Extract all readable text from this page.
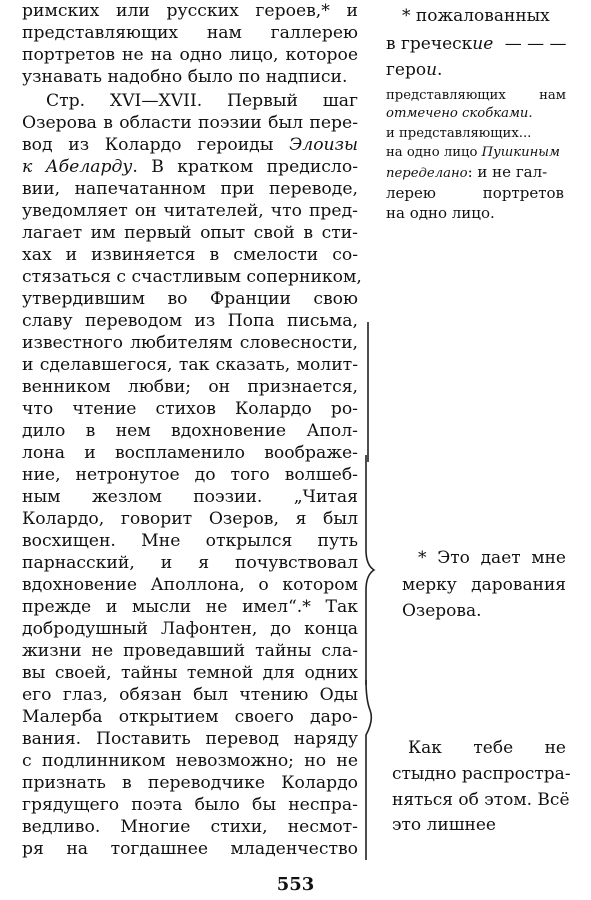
римских или русских героев,* и
представляющих нам галлерею
портретов не на одно лицо, которое
узнавать надобно было по надписи.
Стр. XVI—XVII. Первый шаг
Озерова в области поэзии был пере-
вод из Колардо героиды Элоизы
к Абеларду. В кратком предисло-
вии, напечатанном при переводе,
уведомляет он читателей, что пред-
лагает им первый опыт свой в сти-
хах и извиняется в смелости со-
стязаться с счастливым соперником,
утвердившим во Франции свою
славу переводом из Попа письма,
известного любителям словесности,
и сделавшегося, так сказать, молит-
венником любви; он признается,
что чтение стихов Колардо ро-
дило в нем вдохновение Апол-
лона и воспламенило воображе-
ние, нетронутое до того волшеб-
ным жезлом поэзии. „Читая
Колардо, говорит Озеров, я был
восхищен. Мне открылся путь
парнасский, и я почувствовал
вдохновение Аполлона, о котором
прежде и мысли не имел“.* Так
добродушный Лафонтен, до конца
жизни не проведавший тайны сла-
вы своей, тайны темной для одних
его глаз, обязан был чтению Оды
Малерба открытием своего даро-
вания. Поставить перевод наряду
с подлинником невозможно; но не
признать в переводчике Колардо
грядущего поэта было бы неспра-
ведливо. Многие стихи, несмот-
ря на тогдашнее младенчество
* пожалованных
в греческие — — —
герои.
представляющих нам
отмечено скобками.
и представляющих...
на одно лицо Пушкиным
переделано: и не гал-
лерею портретов
на одно лицо.
* Это дает мне
мерку дарования
Озерова.
Как тебе не
стыдно распростра-
няться об этом. Всё
это лишнее
553
